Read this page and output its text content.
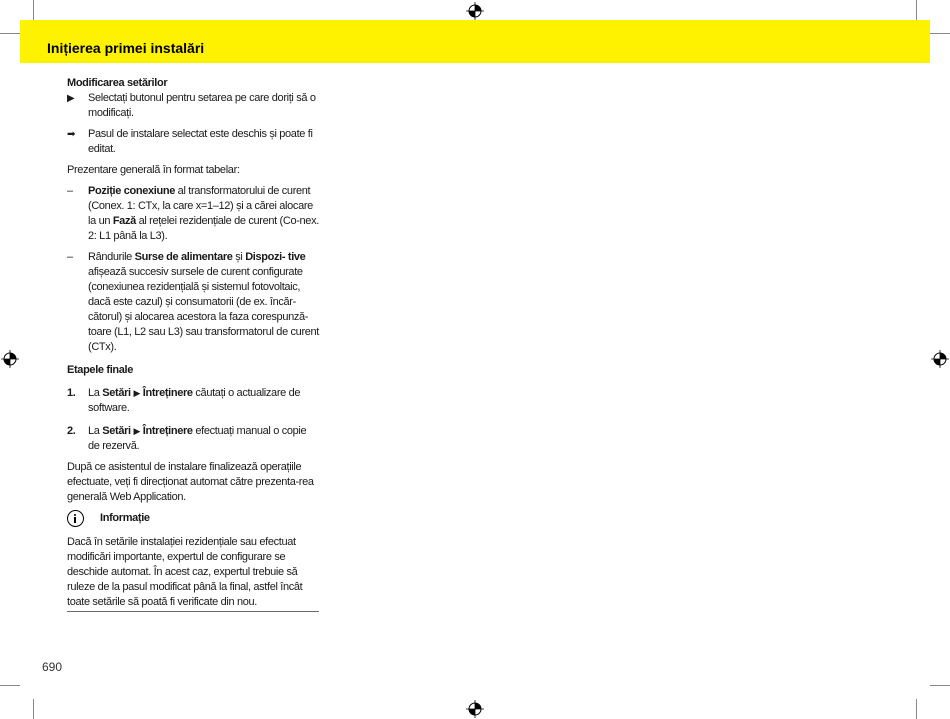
Inițierea primei instalări

Modificarea setărilor

▶	Selectați butonul pentru setarea pe care doriți să o modificați.
➡	Pasul de instalare selectat este deschis și poate fi editat.

Prezentare generală în format tabelar:

–	Poziție conexiune al transformatorului de curent (Conex. 1: CTx, la care x=1–12) și a cărei alocare la un Fază al rețelei rezidențiale de curent (Co-nex. 2: L1 până la L3).
–	Rândurile Surse de alimentare și Dispozi- tive afișează succesiv sursele de curent configurate (conexiunea rezidențială și sistemul fotovoltaic, dacă este cazul) și consumatorii (de ex. încăr-cătorul) și alocarea acestora la faza corespunză-toare (L1, L2 sau L3) sau transformatorul de curent (CTx).

Etapele finale

1.	La Setări ▶ Întreținere căutați o actualizare de software.
2.	La Setări ▶ Întreținere efectuați manual o copie de rezervă.

După ce asistentul de instalare finalizează operațiile efectuate, veți fi direcționat automat către prezenta-rea generală Web Application.

Informație

Dacă în setările instalației rezidențiale sau efectuat modificări importante, expertul de configurare se deschide automat. În acest caz, expertul trebuie să ruleze de la pasul modificat până la final, astfel încât toate setările să poată fi verificate din nou.

690
